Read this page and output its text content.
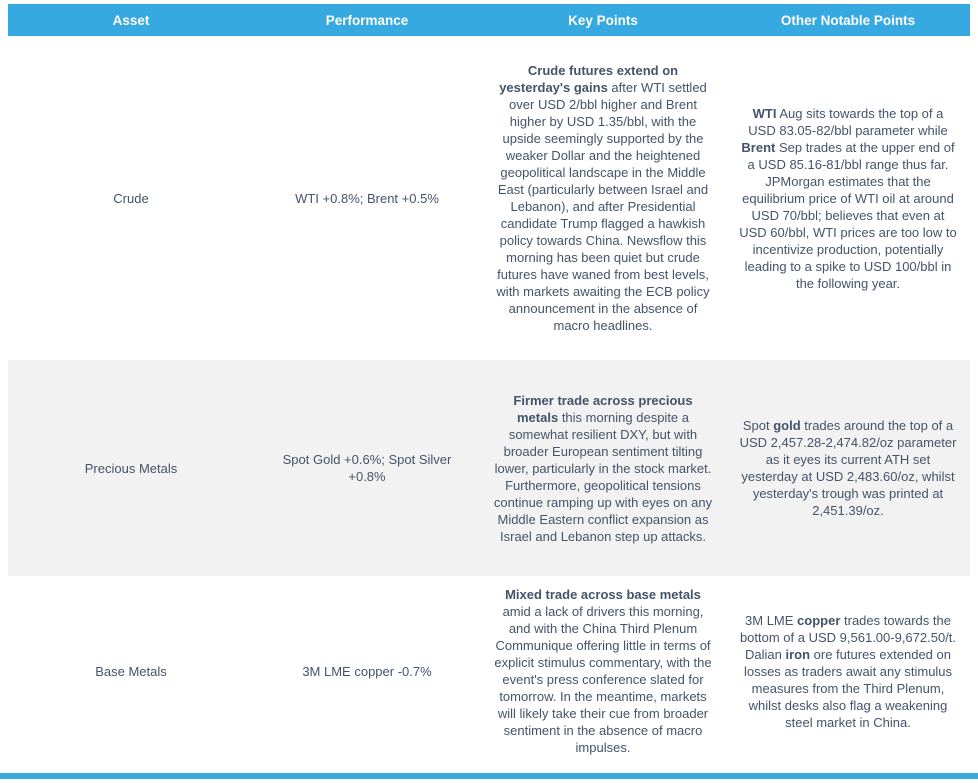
Asset	Performance	Key Points	Other Notable Points
Crude	WTI +0.8%; Brent +0.5%	Crude futures extend on yesterday's gains after WTI settled over USD 2/bbl higher and Brent higher by USD 1.35/bbl, with the upside seemingly supported by the weaker Dollar and the heightened geopolitical landscape in the Middle East (particularly between Israel and Lebanon), and after Presidential candidate Trump flagged a hawkish policy towards China. Newsflow this morning has been quiet but crude futures have waned from best levels, with markets awaiting the ECB policy announcement in the absence of macro headlines.	WTI Aug sits towards the top of a USD 83.05-82/bbl parameter while Brent Sep trades at the upper end of a USD 85.16-81/bbl range thus far. JPMorgan estimates that the equilibrium price of WTI oil at around USD 70/bbl; believes that even at USD 60/bbl, WTI prices are too low to incentivize production, potentially leading to a spike to USD 100/bbl in the following year.
Precious Metals	Spot Gold +0.6%; Spot Silver +0.8%	Firmer trade across precious metals this morning despite a somewhat resilient DXY, but with broader European sentiment tilting lower, particularly in the stock market. Furthermore, geopolitical tensions continue ramping up with eyes on any Middle Eastern conflict expansion as Israel and Lebanon step up attacks.	Spot gold trades around the top of a USD 2,457.28-2,474.82/oz parameter as it eyes its current ATH set yesterday at USD 2,483.60/oz, whilst yesterday's trough was printed at 2,451.39/oz.
Base Metals	3M LME copper -0.7%	Mixed trade across base metals amid a lack of drivers this morning, and with the China Third Plenum Communique offering little in terms of explicit stimulus commentary, with the event's press conference slated for tomorrow. In the meantime, markets will likely take their cue from broader sentiment in the absence of macro impulses.	3M LME copper trades towards the bottom of a USD 9,561.00-9,672.50/t. Dalian iron ore futures extended on losses as traders await any stimulus measures from the Third Plenum, whilst desks also flag a weakening steel market in China.
